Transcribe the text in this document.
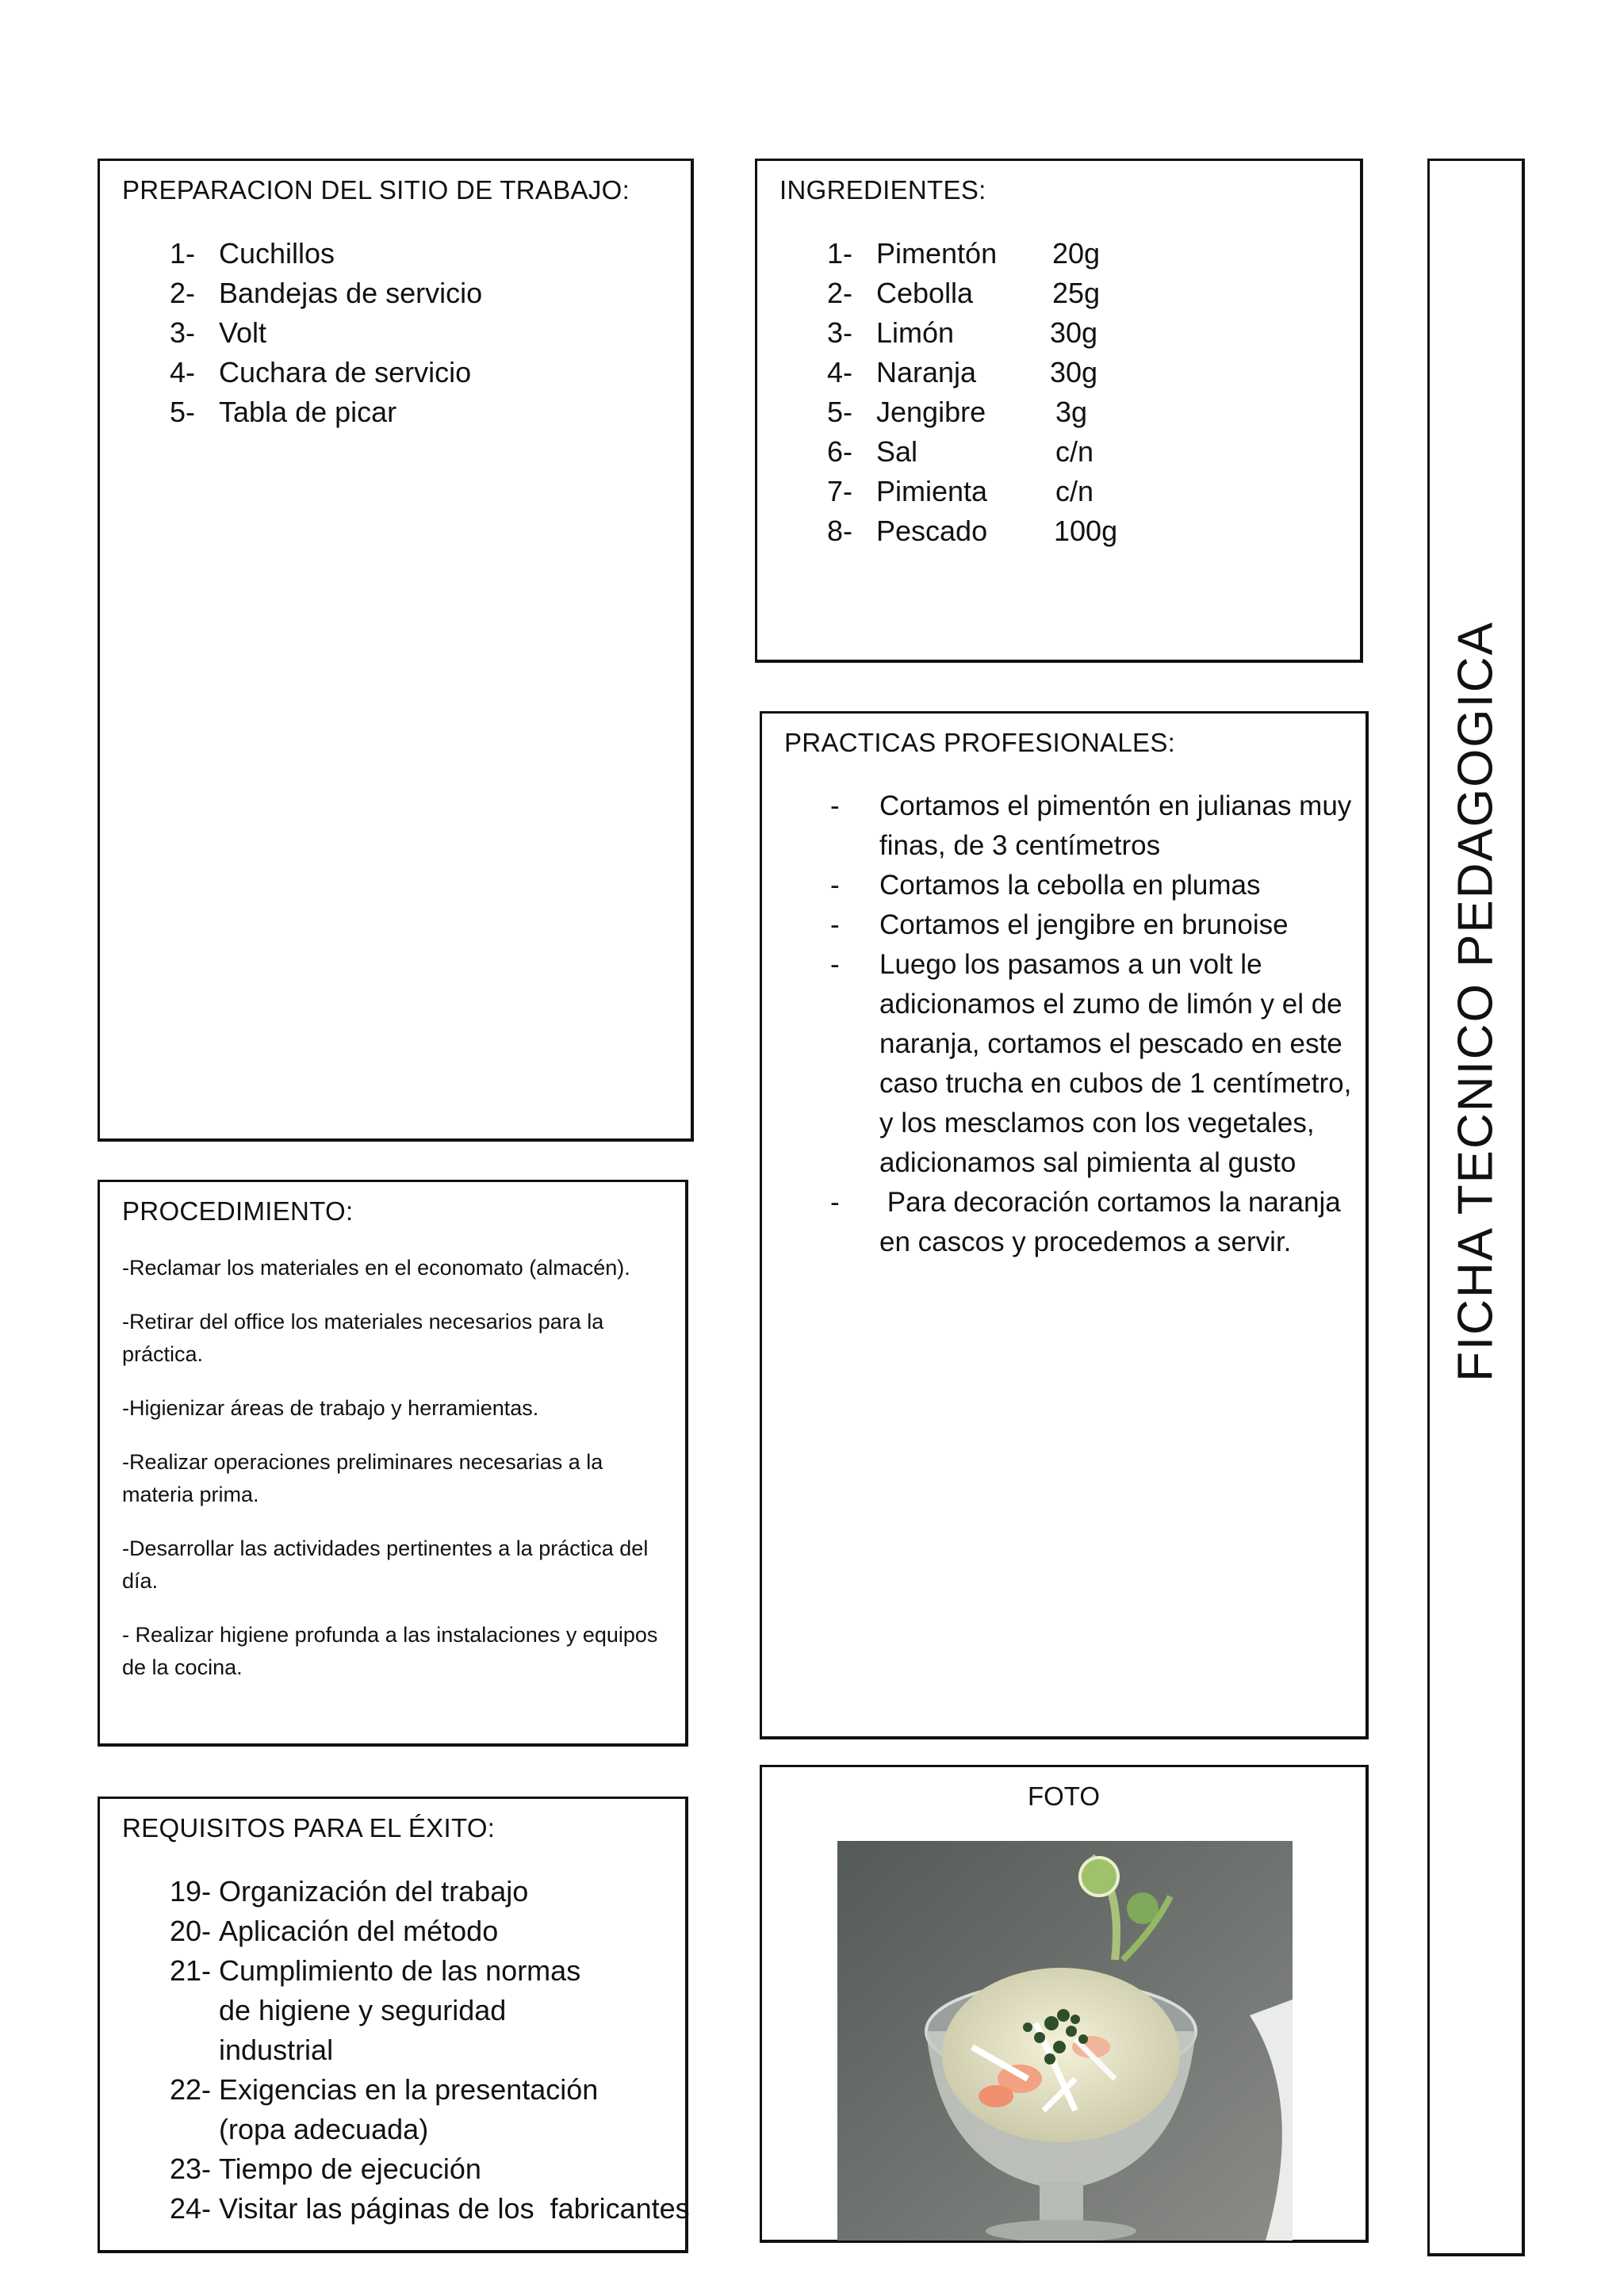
PREPARACION DEL SITIO DE TRABAJO:
1- Cuchillos
2- Bandejas de servicio
3- Volt
4- Cuchara de servicio
5- Tabla de picar
INGREDIENTES:
1- Pimentón 20g
2- Cebolla	25g
3- Limón	30g
4- Naranja	30g
5- Jengibre 3g
6- Sal	c/n
7- Pimienta c/n
8- Pescado 100g
PRACTICAS PROFESIONALES:
-	Cortamos el pimentón en julianas muy finas, de 3 centímetros
-	Cortamos la cebolla en plumas
-	Cortamos el jengibre en brunoise
-	Luego los pasamos a un volt le adicionamos el zumo de limón y el de naranja, cortamos el pescado en este caso trucha en cubos de 1 centímetro, y los mesclamos con los vegetales, adicionamos sal pimienta al gusto
-	Para decoración cortamos la naranja en cascos y procedemos a servir.
PROCEDIMIENTO:

-Reclamar los materiales en el economato (almacén).

-Retirar del office los materiales necesarios para la práctica.

-Higienizar áreas de trabajo y herramientas.

-Realizar operaciones preliminares necesarias a la materia prima.

-Desarrollar las actividades pertinentes a la práctica del día.

- Realizar higiene profunda a las instalaciones y equipos de la cocina.

REQUISITOS PARA EL ÉXITO:
19- Organización del trabajo
20- Aplicación del método
21- Cumplimiento de las normas de higiene y seguridad industrial
22- Exigencias en la presentación (ropa adecuada)
23- Tiempo de ejecución
24- Visitar las páginas de los  fabricantes
FOTO
FICHA TECNICO PEDAGOGICA
